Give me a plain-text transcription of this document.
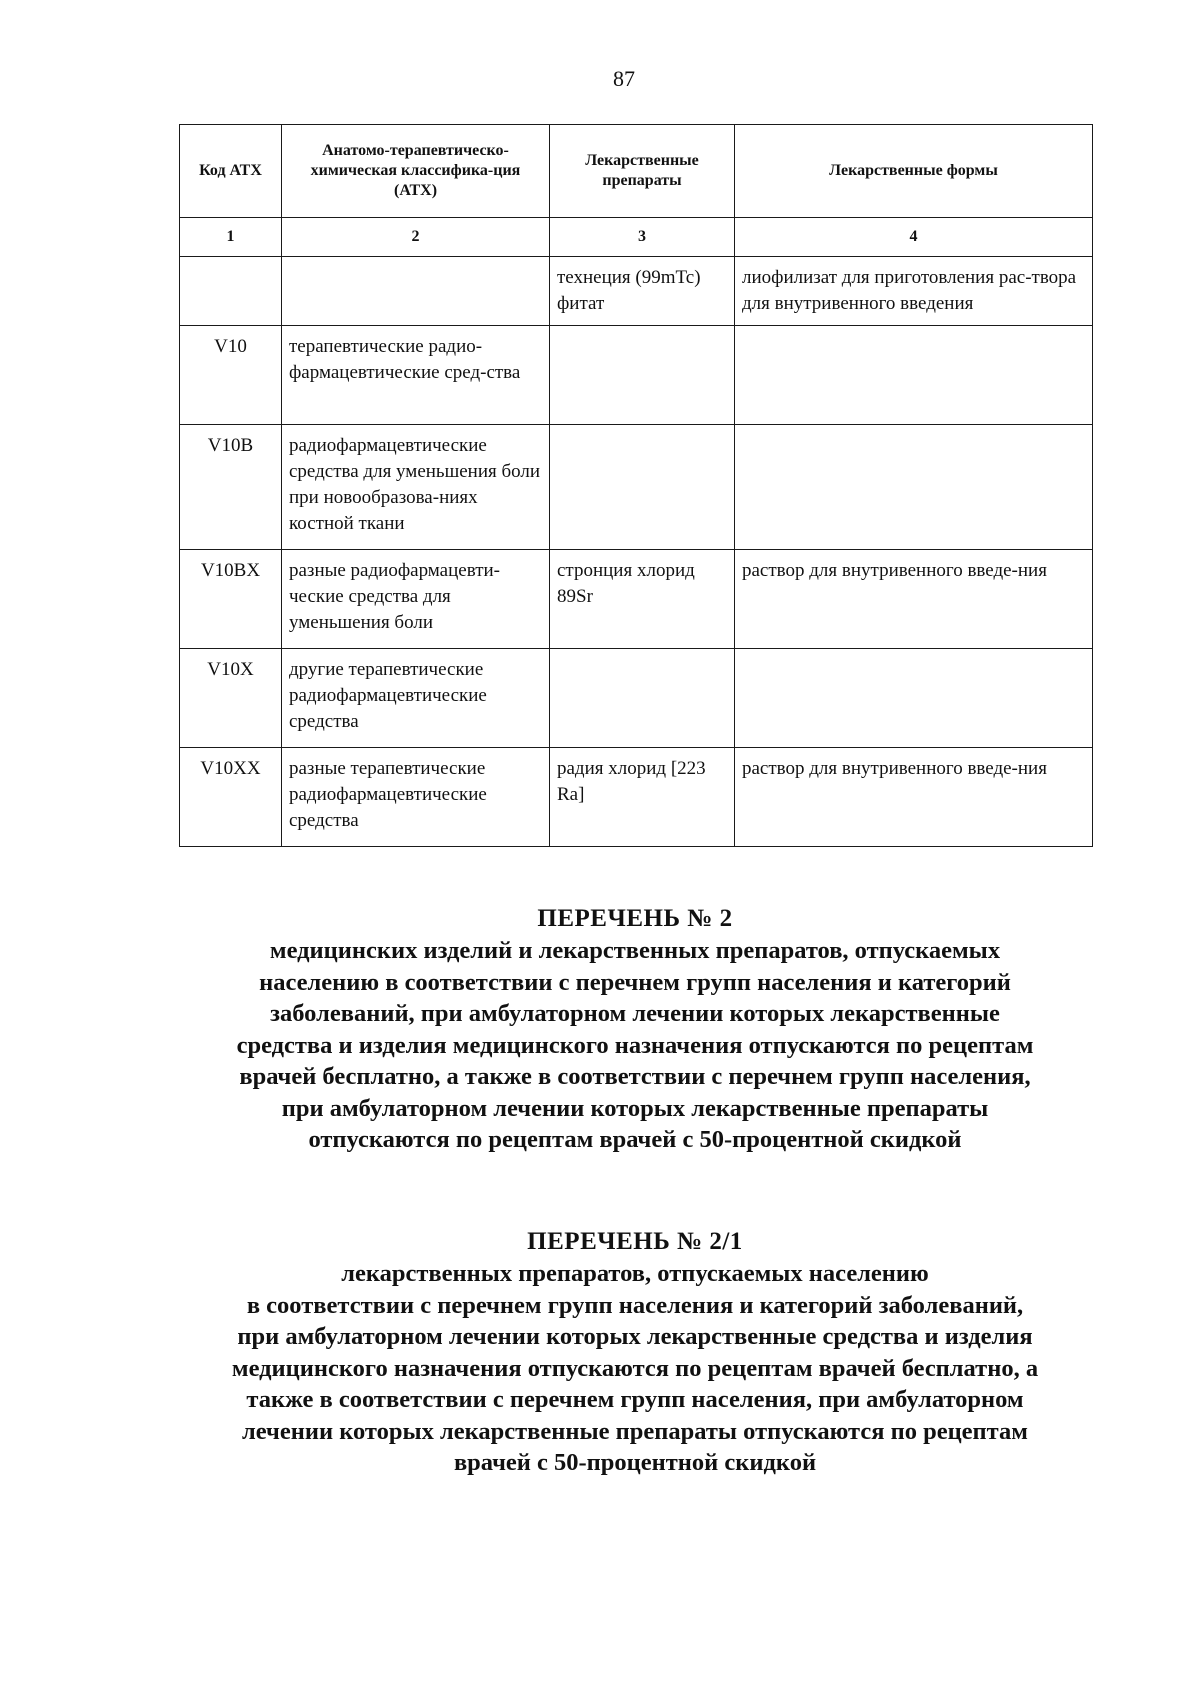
87
Код АТХ	Анатомо-терапевтическо-химическая классифика-ция (АТХ)	Лекарственные препараты	Лекарственные формы
1	2	3	4
		технеция (99mTc) фитат	лиофилизат для приготовления рас-твора для внутривенного введения
V10	терапевтические радио-фармацевтические сред-ства		
V10B	радиофармацевтические средства для уменьшения боли при новообразова-ниях костной ткани		
V10BX	разные радиофармацевти-ческие средства для уменьшения боли	стронция хлорид 89Sr	раствор для внутривенного введе-ния
V10X	другие терапевтические радиофармацевтические средства		
V10XX	разные терапевтические радиофармацевтические средства	радия хлорид [223 Ra]	раствор для внутривенного введе-ния
ПЕРЕЧЕНЬ № 2

медицинских изделий и лекарственных препаратов, отпускаемых
населению в соответствии с перечнем групп населения и категорий
заболеваний, при амбулаторном лечении которых лекарственные
средства и изделия медицинского назначения отпускаются по рецептам
врачей бесплатно, а также в соответствии с перечнем групп населения,
при амбулаторном лечении которых лекарственные препараты
отпускаются по рецептам врачей с 50-процентной скидкой

ПЕРЕЧЕНЬ № 2/1

лекарственных препаратов, отпускаемых населению
в соответствии с перечнем групп населения и категорий заболеваний,
при амбулаторном лечении которых лекарственные средства и изделия
медицинского назначения отпускаются по рецептам врачей бесплатно, а
также в соответствии с перечнем групп населения, при амбулаторном
лечении которых лекарственные препараты отпускаются по рецептам
врачей с 50-процентной скидкой
